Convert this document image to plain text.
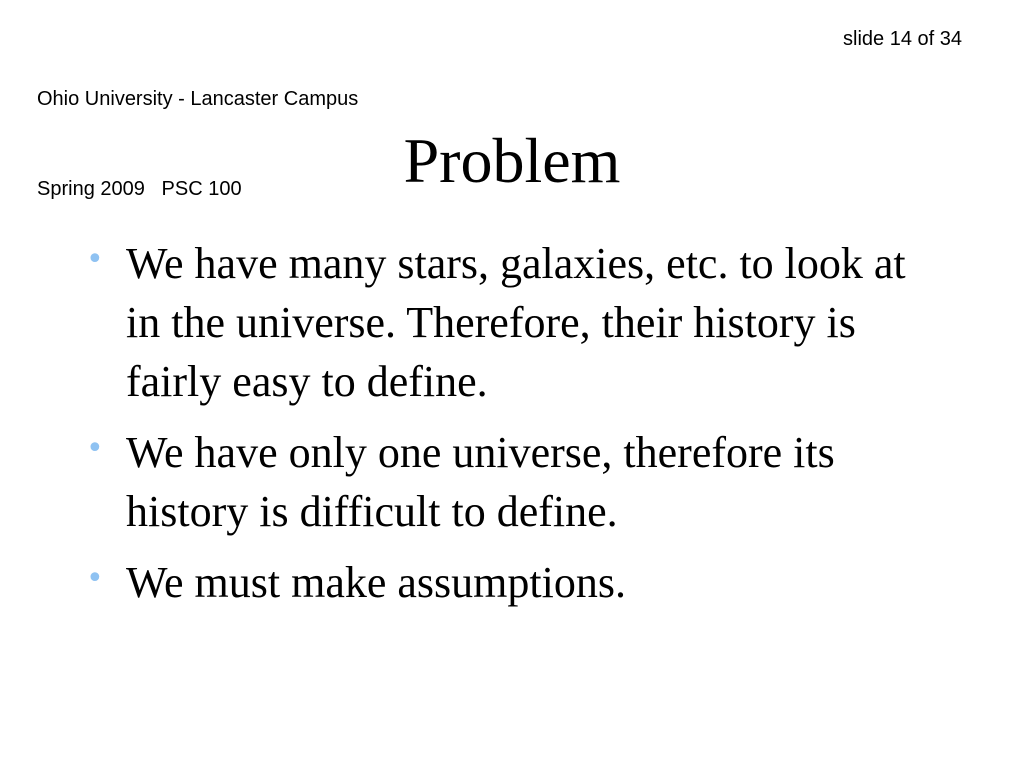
Ohio University - Lancaster Campus

Spring 2009   PSC 100

slide 14 of 34
Problem
• We have many stars, galaxies, etc. to look at in the universe. Therefore, their history is fairly easy to define.
• We have only one universe, therefore its history is difficult to define.
• We must make assumptions.
